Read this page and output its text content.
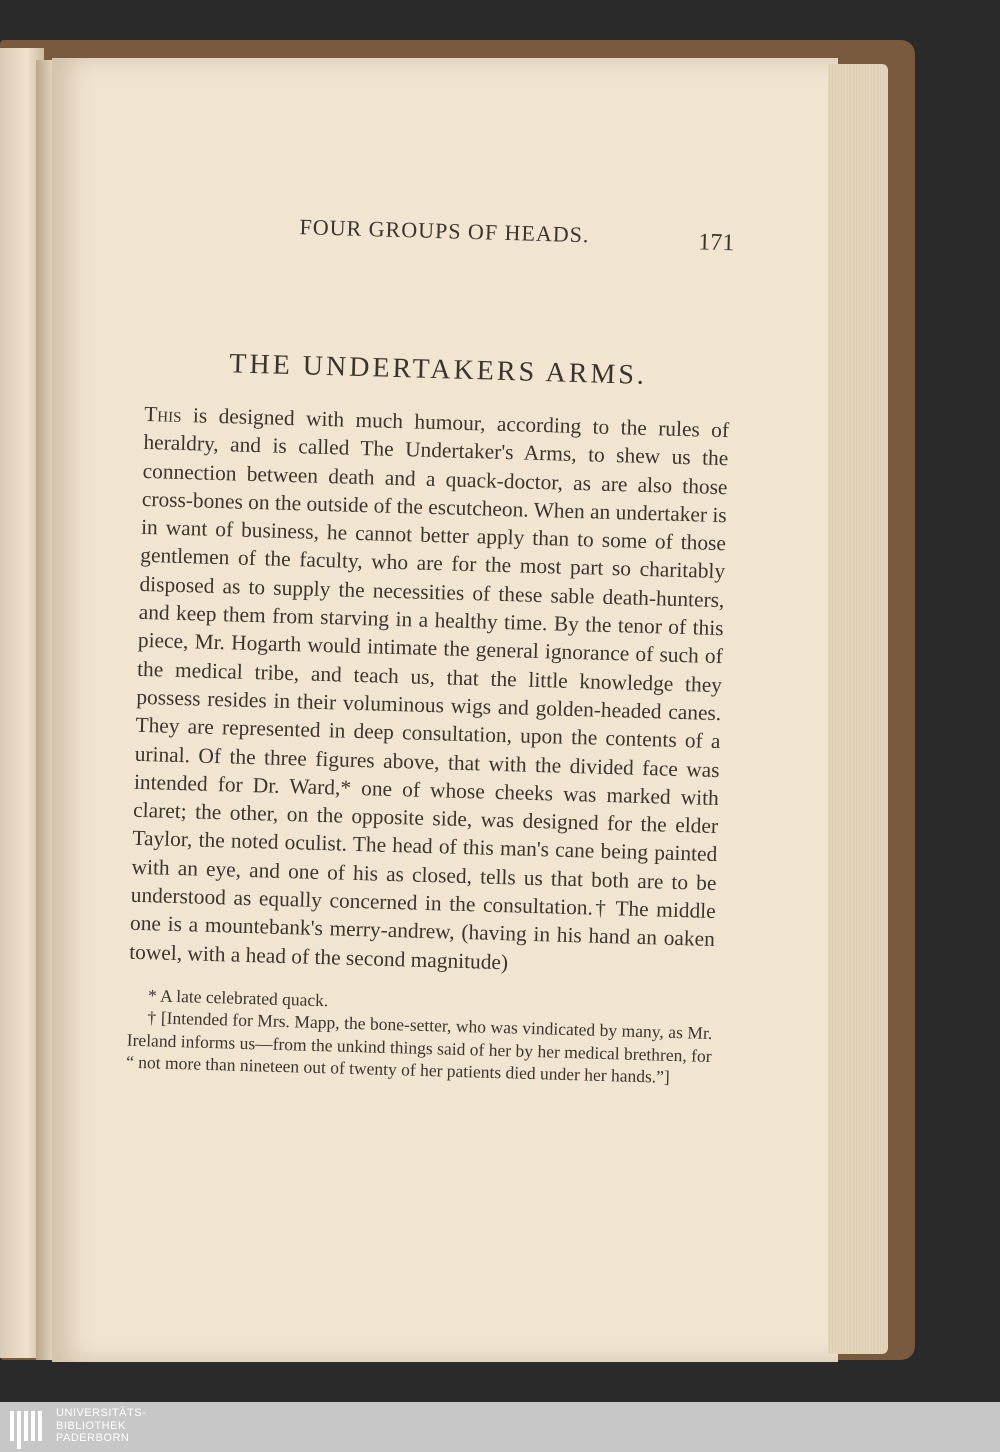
FOUR GROUPS OF HEADS.	171
THE UNDERTAKERS ARMS.

This is designed with much humour, according to the rules of heraldry, and is called The Undertaker's Arms, to shew us the connection between death and a quack-doctor, as are also those cross-bones on the outside of the escutcheon. When an undertaker is in want of business, he cannot better apply than to some of those gentlemen of the faculty, who are for the most part so charitably disposed as to supply the necessities of these sable death-hunters, and keep them from starving in a healthy time. By the tenor of this piece, Mr. Hogarth would intimate the general ignorance of such of the medical tribe, and teach us, that the little knowledge they possess resides in their voluminous wigs and golden-headed canes. They are represented in deep consultation, upon the contents of a urinal. Of the three figures above, that with the divided face was intended for Dr. Ward,* one of whose cheeks was marked with claret; the other, on the opposite side, was designed for the elder Taylor, the noted oculist. The head of this man's cane being painted with an eye, and one of his as closed, tells us that both are to be understood as equally concerned in the consultation.† The middle one is a mountebank's merry-andrew, (having in his hand an oaken towel, with a head of the second magnitude)

* A late celebrated quack.

† [Intended for Mrs. Mapp, the bone-setter, who was vindicated by many, as Mr. Ireland informs us—from the unkind things said of her by her medical brethren, for “ not more than nineteen out of twenty of her patients died under her hands.”]

UNIVERSITÄTS-
BIBLIOTHEK
PADERBORN
